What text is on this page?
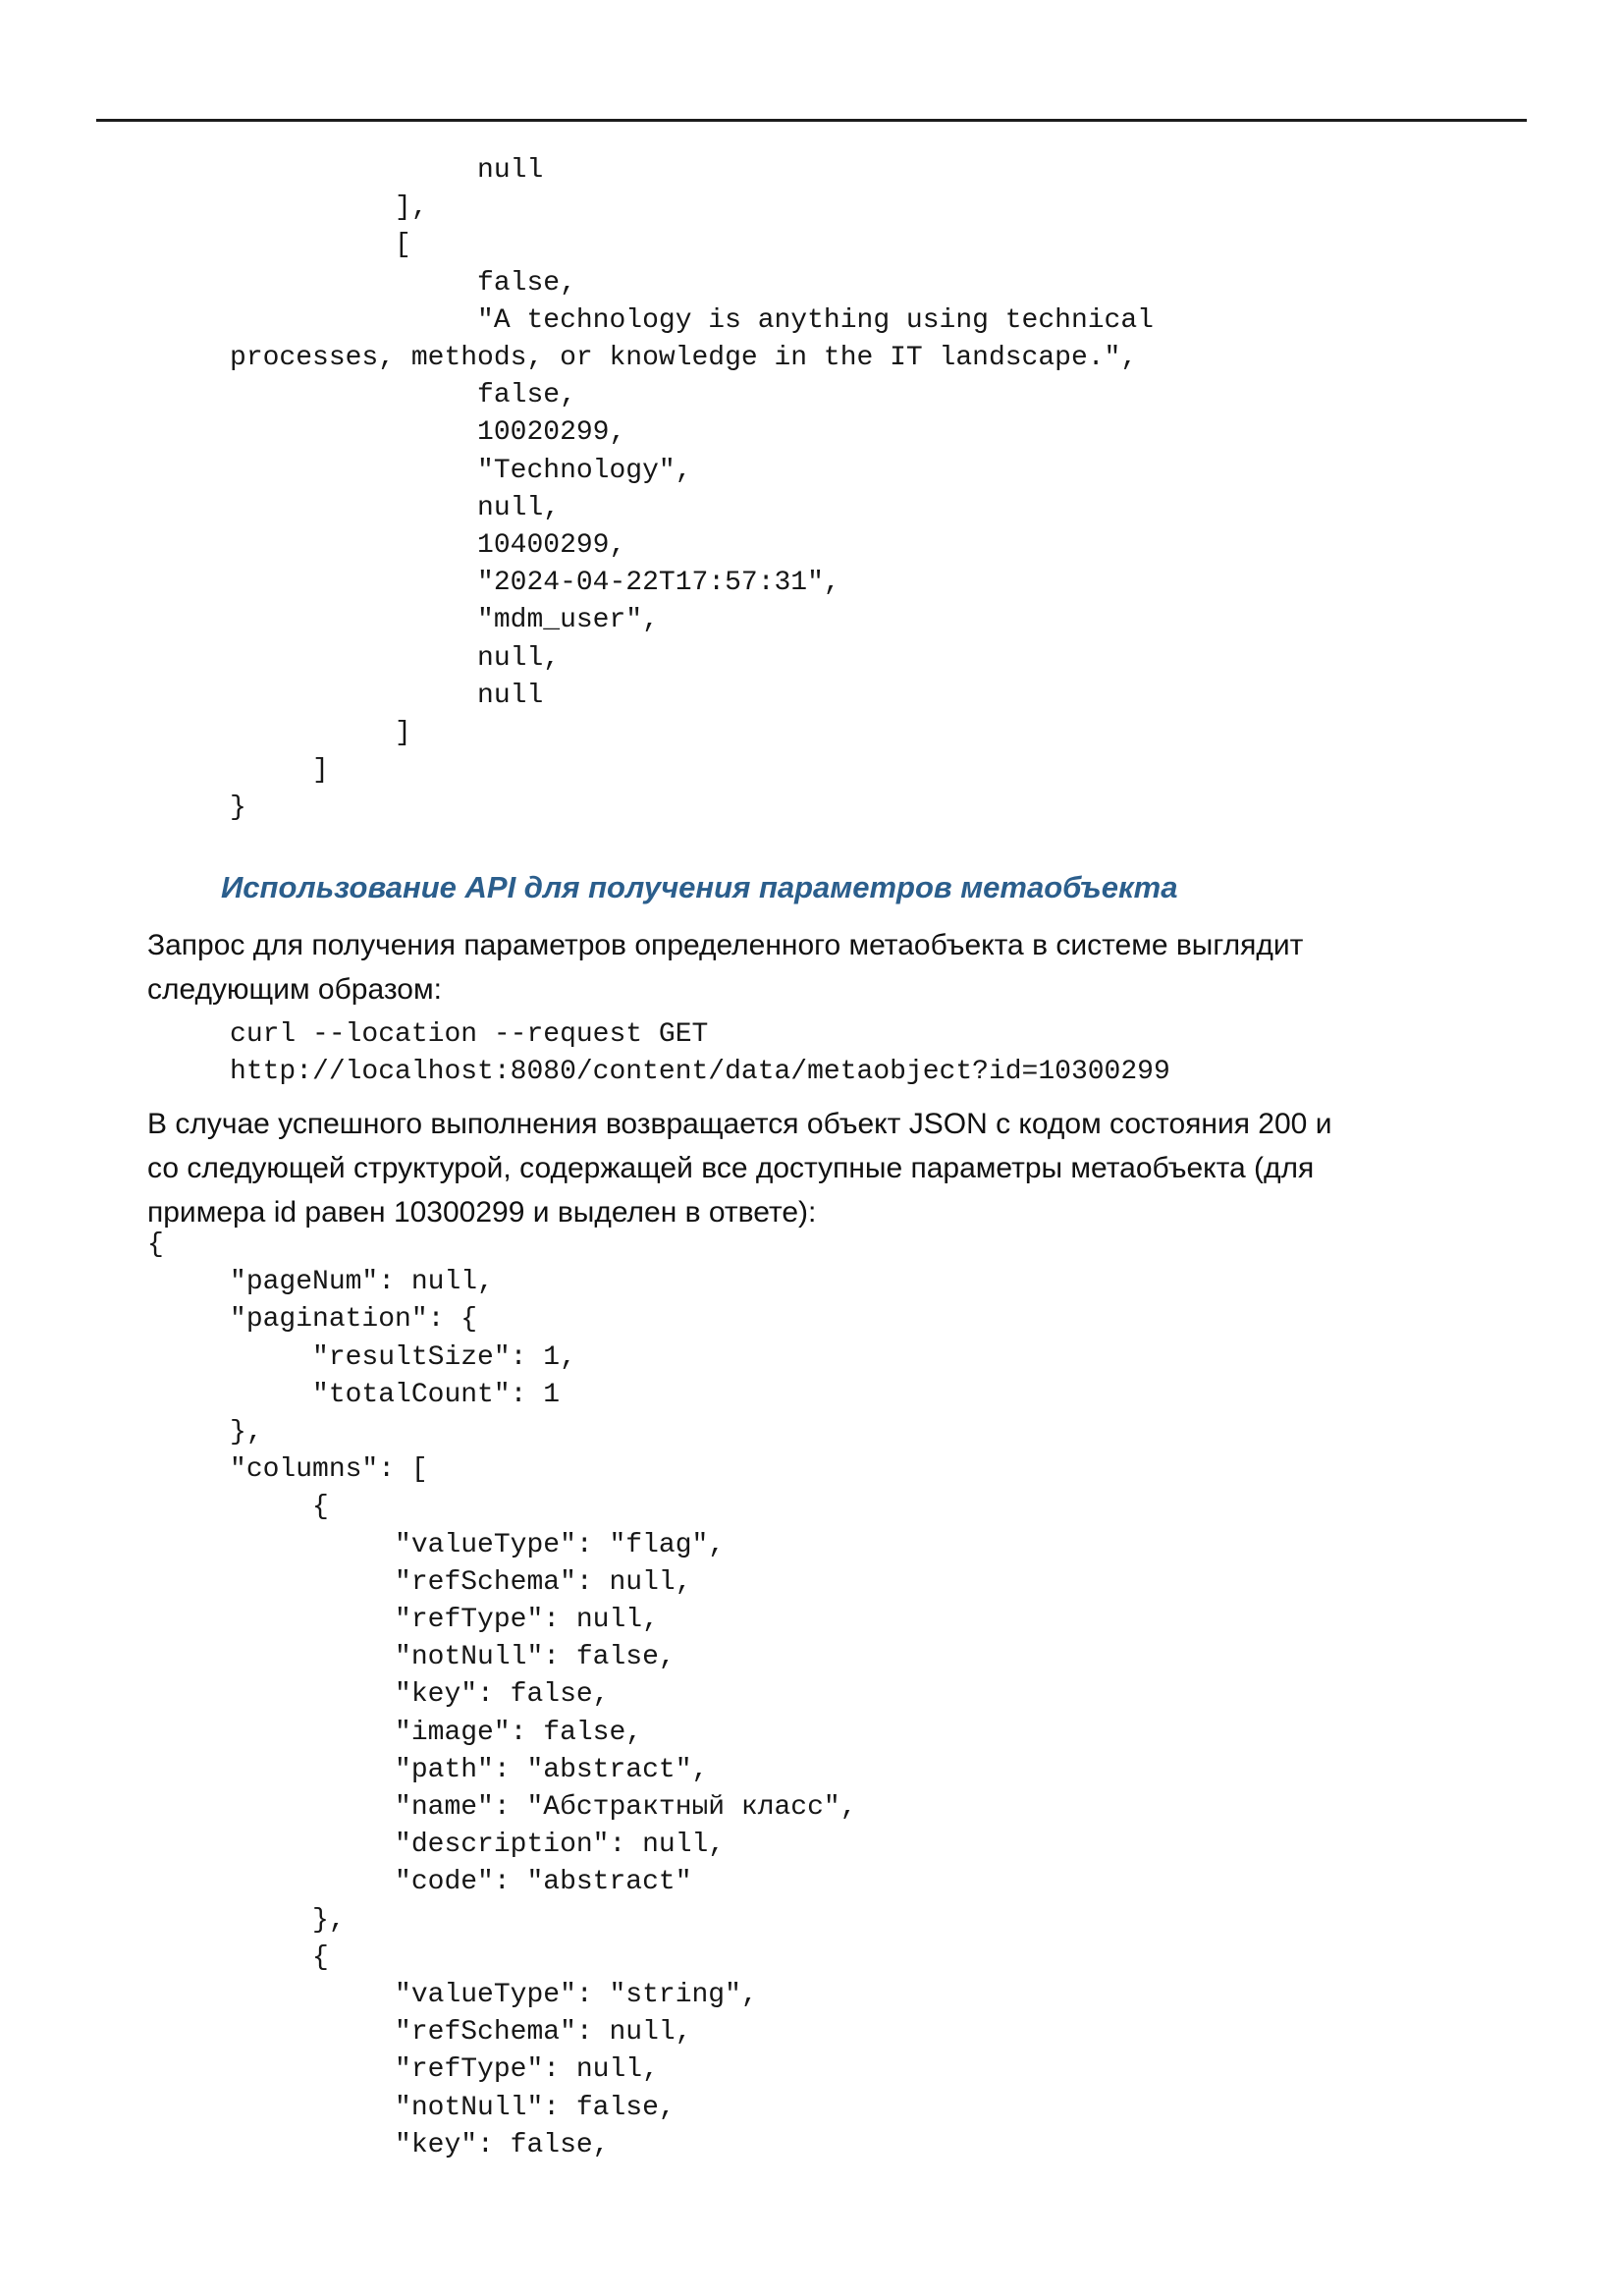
null
],
[
false,
"A technology is anything using technical
processes, methods, or knowledge in the IT landscape.",
false,
10020299,
"Technology",
null,
10400299,
"2024-04-22T17:57:31",
"mdm_user",
null,
null
]
]
}
Использование API для получения параметров метаобъекта
Запрос для получения параметров определенного метаобъекта в системе выглядит
следующим образом:
curl --location --request GET
http://localhost:8080/content/data/metaobject?id=10300299
В случае успешного выполнения возвращается объект JSON с кодом состояния 200 и
со следующей структурой, содержащей все доступные параметры метаобъекта (для
примера id равен 10300299 и выделен в ответе):
{
"pageNum": null,
"pagination": {
"resultSize": 1,
"totalCount": 1
},
"columns": [
{
"valueType": "flag",
"refSchema": null,
"refType": null,
"notNull": false,
"key": false,
"image": false,
"path": "abstract",
"name": "Абстрактный класс",
"description": null,
"code": "abstract"
},
{
"valueType": "string",
"refSchema": null,
"refType": null,
"notNull": false,
"key": false,
